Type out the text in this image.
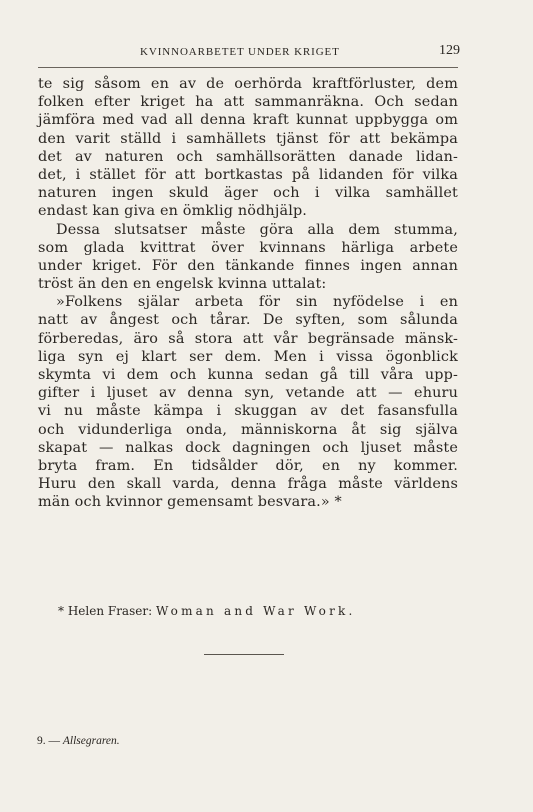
KVINNOARBETET UNDER KRIGET	129
te sig såsom en av de oerhörda kraftförluster, dem
folken efter kriget ha att sammanräkna. Och sedan
jämföra med vad all denna kraft kunnat uppbygga om
den varit ställd i samhällets tjänst för att bekämpa
det av naturen och samhällsorätten danade lidan-
det, i stället för att bortkastas på lidanden för vilka
naturen ingen skuld äger och i vilka samhället
endast kan giva en ömklig nödhjälp.
Dessa slutsatser måste göra alla dem stumma,
som glada kvittrat över kvinnans härliga arbete
under kriget. För den tänkande finnes ingen annan
tröst än den en engelsk kvinna uttalat:
»Folkens själar arbeta för sin nyfödelse i en
natt av ångest och tårar. De syften, som sålunda
förberedas, äro så stora att vår begränsade mänsk-
liga syn ej klart ser dem. Men i vissa ögonblick
skymta vi dem och kunna sedan gå till våra upp-
gifter i ljuset av denna syn, vetande att — ehuru
vi nu måste kämpa i skuggan av det fasansfulla
och vidunderliga onda, människorna åt sig själva
skapat — nalkas dock dagningen och ljuset måste
bryta fram. En tidsålder dör, en ny kommer.
Huru den skall varda, denna fråga måste världens
män och kvinnor gemensamt besvara.» *
* Helen Fraser: Woman and War Work.
9. — Allsegraren.
